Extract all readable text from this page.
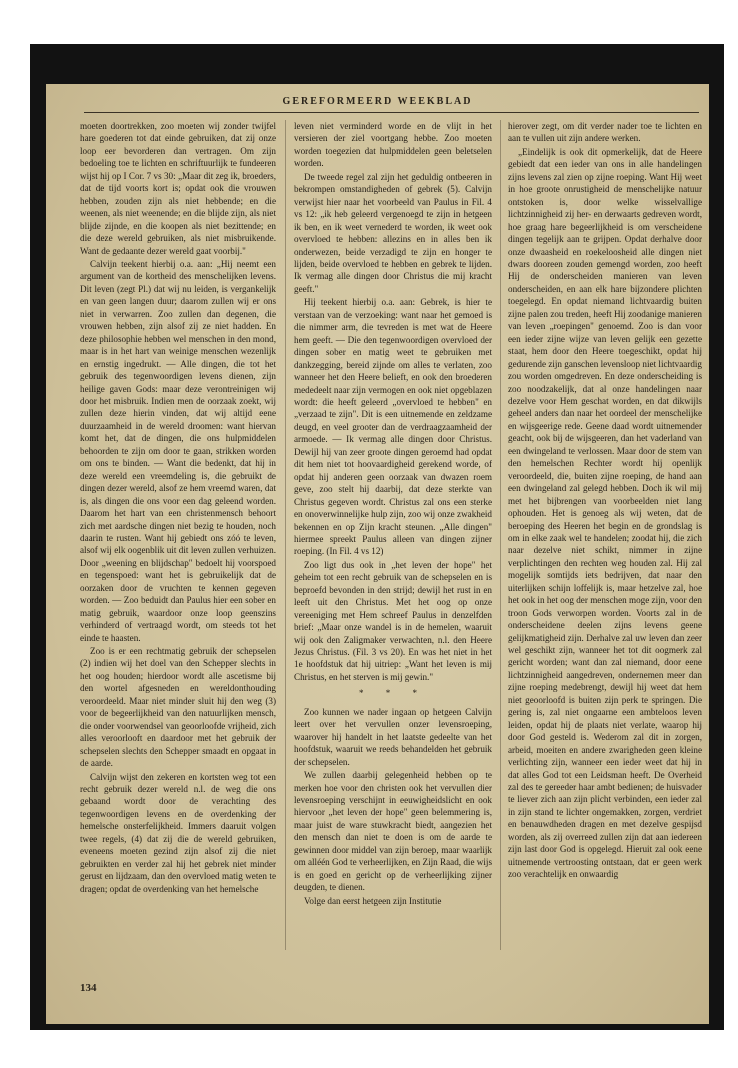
GEREFORMEERD WEEKBLAD

moeten doortrekken, zoo moeten wij zonder twijfel hare goederen tot dat einde gebruiken, dat zij onze loop eer bevorderen dan vertragen. Om zijn bedoeling toe te lichten en schriftuurlijk te fundeeren wijst hij op I Cor. 7 vs 30: „Maar dit zeg ik, broeders, dat de tijd voorts kort is; opdat ook die vrouwen hebben, zouden zijn als niet hebbende; en die weenen, als niet weenende; en die blijde zijn, als niet blijde zijnde, en die koopen als niet bezittende; en die deze wereld gebruiken, als niet misbruikende. Want de gedaante dezer wereld gaat voorbij."

Calvijn teekent hierbij o.a. aan: „Hij neemt een argument van de kortheid des menschelijken levens. Dit leven (zegt Pl.) dat wij nu leiden, is vergankelijk en van geen langen duur; daarom zullen wij er ons niet in verwarren. Zoo zullen dan degenen, die vrouwen hebben, zijn alsof zij ze niet hadden. En deze philosophie hebben wel menschen in den mond, maar is in het hart van weinige menschen wezenlijk en ernstig ingedrukt. — Alle dingen, die tot het gebruik des tegenwoordigen levens dienen, zijn heilige gaven Gods: maar deze verontreinigen wij door het misbruik. Indien men de oorzaak zoekt, wij zullen deze hierin vinden, dat wij altijd eene duurzaamheid in de wereld droomen: want hiervan komt het, dat de dingen, die ons hulpmiddelen behoorden te zijn om door te gaan, strikken worden om ons te binden. — Want die bedenkt, dat hij in deze wereld een vreemdeling is, die gebruikt de dingen dezer wereld, alsof ze hem vreemd waren, dat is, als dingen die ons voor een dag geleend worden. Daarom het hart van een christenmensch behoort zich met aardsche dingen niet bezig te houden, noch daarin te rusten. Want hij gebiedt ons zóó te leven, alsof wij elk oogenblik uit dit leven zullen verhuizen. Door „weening en blijdschap" bedoelt hij voorspoed en tegenspoed: want het is gebruikelijk dat de oorzaken door de vruchten te kennen gegeven worden. — Zoo beduidt dan Paulus hier een sober en matig gebruik, waardoor onze loop geenszins verhinderd of vertraagd wordt, om steeds tot het einde te haasten.

Zoo is er een rechtmatig gebruik der schepselen (2) indien wij het doel van den Schepper slechts in het oog houden; hierdoor wordt alle ascetisme bij den wortel afgesneden en wereldonthouding veroordeeld. Maar niet minder sluit hij den weg (3) voor de begeerlijkheid van den natuurlijken mensch, die onder voorwendsel van geoorloofde vrijheid, zich alles veroorlooft en daardoor met het gebruik der schepselen slechts den Schepper smaadt en opgaat in de aarde.

Calvijn wijst den zekeren en kortsten weg tot een recht gebruik dezer wereld n.l. de weg die ons gebaand wordt door de verachting des tegenwoordigen levens en de overdenking der hemelsche onsterfelijkheid. Immers daaruit volgen twee regels, (4) dat zij die de wereld gebruiken, eveneens moeten gezind zijn alsof zij die niet gebruikten en verder zal hij het gebrek niet minder gerust en lijdzaam, dan den overvloed matig weten te dragen; opdat de overdenking van het hemelsche

leven niet verminderd worde en de vlijt in het versieren der ziel voortgang hebbe. Zoo moeten worden toegezien dat hulpmiddelen geen beletselen worden.

De tweede regel zal zijn het geduldig ontbeeren in bekrompen omstandigheden of gebrek (5). Calvijn verwijst hier naar het voorbeeld van Paulus in Fil. 4 vs 12: „ik heb geleerd vergenoegd te zijn in hetgeen ik ben, en ik weet vernederd te worden, ik weet ook overvloed te hebben: allezins en in alles ben ik onderwezen, beide verzadigd te zijn en honger te lijden, beide overvloed te hebben en gebrek te lijden. Ik vermag alle dingen door Christus die mij kracht geeft."

Hij teekent hierbij o.a. aan: Gebrek, is hier te verstaan van de verzoeking: want naar het gemoed is die nimmer arm, die tevreden is met wat de Heere hem geeft. — Die den tegenwoordigen overvloed der dingen sober en matig weet te gebruiken met dankzegging, bereid zijnde om alles te verlaten, zoo wanneer het den Heere belieft, en ook den broederen mededeelt naar zijn vermogen en ook niet opgeblazen wordt: die heeft geleerd „overvloed te hebben" en „verzaad te zijn". Dit is een uitnemende en zeldzame deugd, en veel grooter dan de verdraagzaamheid der armoede. — Ik vermag alle dingen door Christus. Dewijl hij van zeer groote dingen geroemd had opdat dit hem niet tot hoovaardigheid gerekend worde, of opdat hij anderen geen oorzaak van dwazen roem geve, zoo stelt hij daarbij, dat deze sterkte van Christus gegeven wordt. Christus zal ons een sterke en onoverwinnelijke hulp zijn, zoo wij onze zwakheid bekennen en op Zijn kracht steunen. „Alle dingen" hiermee spreekt Paulus alleen van dingen zijner roeping. (In Fil. 4 vs 12)

Zoo ligt dus ook in „het leven der hope" het geheim tot een recht gebruik van de schepselen en is beproefd bevonden in den strijd; dewijl het rust in en leeft uit den Christus. Met het oog op onze vereeniging met Hem schreef Paulus in denzelfden brief: „Maar onze wandel is in de hemelen, waaruit wij ook den Zaligmaker verwachten, n.l. den Heere Jezus Christus. (Fil. 3 vs 20). En was het niet in het 1e hoofdstuk dat hij uitriep: „Want het leven is mij Christus, en het sterven is mij gewin."

* * *

Zoo kunnen we nader ingaan op hetgeen Calvijn leert over het vervullen onzer levensroeping, waarover hij handelt in het laatste gedeelte van het hoofdstuk, waaruit we reeds behandelden het gebruik der schepselen.

We zullen daarbij gelegenheid hebben op te merken hoe voor den christen ook het vervullen dier levensroeping verschijnt in eeuwigheidslicht en ook hiervoor „het leven der hope" geen belemmering is, maar juist de ware stuwkracht biedt, aangezien het den mensch dan niet te doen is om de aarde te gewinnen door middel van zijn beroep, maar waarlijk om alléén God te verheerlijken, en Zijn Raad, die wijs is en goed en gericht op de verheerlijking zijner deugden, te dienen.

Volge dan eerst hetgeen zijn Institutie

hierover zegt, om dit verder nader toe te lichten en aan te vullen uit zijn andere werken.

„Eindelijk is ook dit opmerkelijk, dat de Heere gebiedt dat een ieder van ons in alle handelingen zijns levens zal zien op zijne roeping. Want Hij weet in hoe groote onrustigheid de menschelijke natuur ontstoken is, door welke wisselvallige lichtzinnigheid zij her- en derwaarts gedreven wordt, hoe graag hare begeerlijkheid is om verscheidene dingen tegelijk aan te grijpen. Opdat derhalve door onze dwaasheid en roekeloosheid alle dingen niet dwars dooreen zouden gemengd worden, zoo heeft Hij de onderscheiden manieren van leven onderscheiden, en aan elk hare bijzondere plichten toegelegd. En opdat niemand lichtvaardig buiten zijne palen zou treden, heeft Hij zoodanige manieren van leven „roepingen" genoemd. Zoo is dan voor een ieder zijne wijze van leven gelijk een gezette staat, hem door den Heere toegeschikt, opdat hij gedurende zijn ganschen levensloop niet lichtvaardig zou worden omgedreven. En deze onderscheiding is zoo noodzakelijk, dat al onze handelingen naar dezelve voor Hem geschat worden, en dat dikwijls geheel anders dan naar het oordeel der menschelijke en wijsgeerige rede. Geene daad wordt uitnemender geacht, ook bij de wijsgeeren, dan het vaderland van een dwingeland te verlossen. Maar door de stem van den hemelschen Rechter wordt hij openlijk veroordeeld, die, buiten zijne roeping, de hand aan een dwingeland zal gelegd hebben. Doch ik wil mij met het bijbrengen van voorbeelden niet lang ophouden. Het is genoeg als wij weten, dat de beroeping des Heeren het begin en de grondslag is om in elke zaak wel te handelen; zoodat hij, die zich naar dezelve niet schikt, nimmer in zijne verplichtingen den rechten weg houden zal. Hij zal mogelijk somtijds iets bedrijven, dat naar den uiterlijken schijn loffelijk is, maar hetzelve zal, hoe het ook in het oog der menschen moge zijn, voor den troon Gods verworpen worden. Voorts zal in de onderscheidene deelen zijns levens geene gelijkmatigheid zijn. Derhalve zal uw leven dan zeer wel geschikt zijn, wanneer het tot dit oogmerk zal gericht worden; want dan zal niemand, door eene lichtzinnigheid aangedreven, ondernemen meer dan zijne roeping medebrengt, dewijl hij weet dat hem niet geoorloofd is buiten zijn perk te springen. Die gering is, zal niet ongaarne een ambteloos leven leiden, opdat hij de plaats niet verlate, waarop hij door God gesteld is. Wederom zal dit in zorgen, arbeid, moeiten en andere zwarigheden geen kleine verlichting zijn, wanneer een ieder weet dat hij in dat alles God tot een Leidsman heeft. De Overheid zal des te gereeder haar ambt bedienen; de huisvader te liever zich aan zijn plicht verbinden, een ieder zal in zijn stand te lichter ongemakken, zorgen, verdriet en benauwdheden dragen en met dezelve gespijsd worden, als zij overreed zullen zijn dat aan iedereen zijn last door God is opgelegd. Hieruit zal ook eene uitnemende vertroosting ontstaan, dat er geen werk zoo verachtelijk en onwaardig

134
